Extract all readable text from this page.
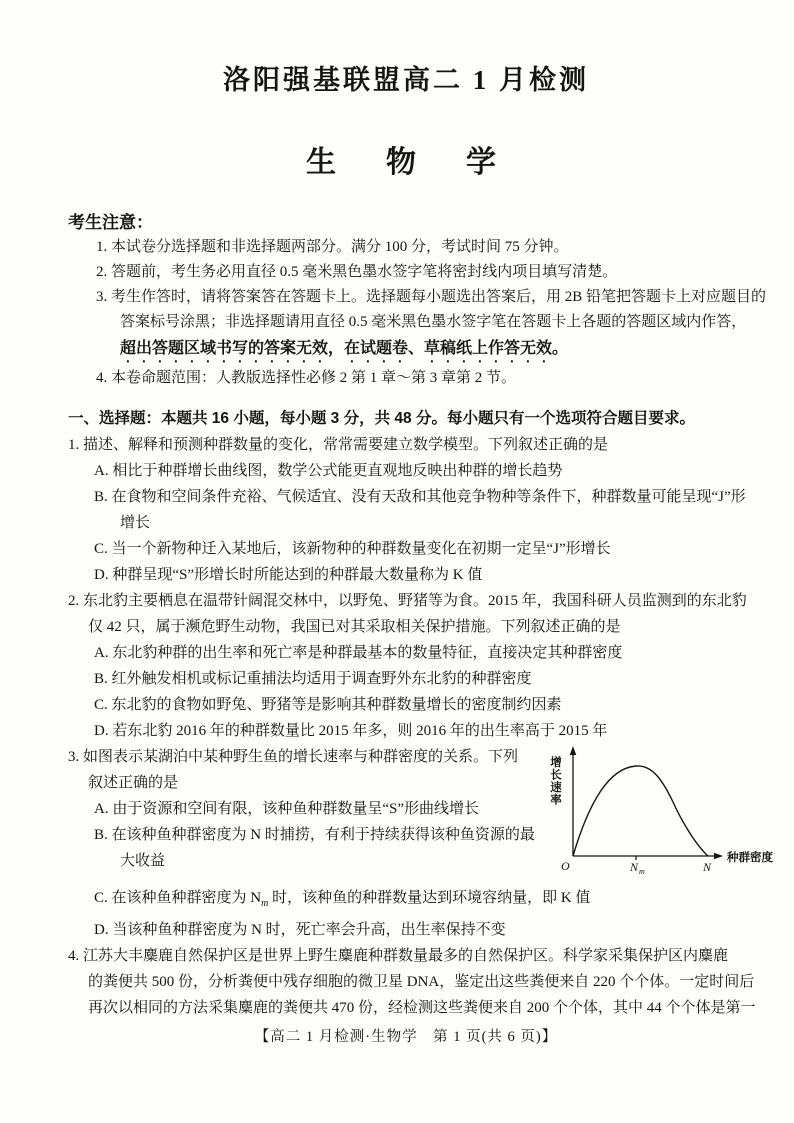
洛阳强基联盟高二 1 月检测
生　物　学
考生注意：
1. 本试卷分选择题和非选择题两部分。满分 100 分，考试时间 75 分钟。
2. 答题前，考生务必用直径 0.5 毫米黑色墨水签字笔将密封线内项目填写清楚。
3. 考生作答时，请将答案答在答题卡上。选择题每小题选出答案后，用 2B 铅笔把答题卡上对应题目的
答案标号涂黑；非选择题请用直径 0.5 毫米黑色墨水签字笔在答题卡上各题的答题区域内作答，
超出答题区域书写的答案无效，在试题卷、草稿纸上作答无效。
4. 本卷命题范围：人教版选择性必修 2 第 1 章～第 3 章第 2 节。
一、选择题：本题共 16 小题，每小题 3 分，共 48 分。每小题只有一个选项符合题目要求。
1. 描述、解释和预测种群数量的变化，常常需要建立数学模型。下列叙述正确的是
A. 相比于种群增长曲线图，数学公式能更直观地反映出种群的增长趋势
B. 在食物和空间条件充裕、气候适宜、没有天敌和其他竞争物种等条件下，种群数量可能呈现“J”形
增长
C. 当一个新物种迁入某地后，该新物种的种群数量变化在初期一定呈“J”形增长
D. 种群呈现“S”形增长时所能达到的种群最大数量称为 K 值
2. 东北豹主要栖息在温带针阔混交林中，以野兔、野猪等为食。2015 年，我国科研人员监测到的东北豹
仅 42 只，属于濒危野生动物，我国已对其采取相关保护措施。下列叙述正确的是
A. 东北豹种群的出生率和死亡率是种群最基本的数量特征，直接决定其种群密度
B. 红外触发相机或标记重捕法均适用于调查野外东北豹的种群密度
C. 东北豹的食物如野兔、野猪等是影响其种群数量增长的密度制约因素
D. 若东北豹 2016 年的种群数量比 2015 年多，则 2016 年的出生率高于 2015 年
3. 如图表示某湖泊中某种野生鱼的增长速率与种群密度的关系。下列
叙述正确的是
A. 由于资源和空间有限，该种鱼种群数量呈“S”形曲线增长
B. 在该种鱼种群密度为 N 时捕捞，有利于持续获得该种鱼资源的最
大收益
增长速率
种群密度
O	N m	N
C. 在该种鱼种群密度为 $N_m$ 时，该种鱼的种群数量达到环境容纳量，即 K 值
D. 当该种鱼种群密度为 N 时，死亡率会升高，出生率保持不变
4. 江苏大丰麋鹿自然保护区是世界上野生麋鹿种群数量最多的自然保护区。科学家采集保护区内麋鹿
的粪便共 500 份，分析粪便中残存细胞的微卫星 DNA，鉴定出这些粪便来自 220 个个体。一定时间后
再次以相同的方法采集麋鹿的粪便共 470 份，经检测这些粪便来自 200 个个体，其中 44 个个体是第一
【高二 1 月检测·生物学　第 1 页(共 6 页)】
